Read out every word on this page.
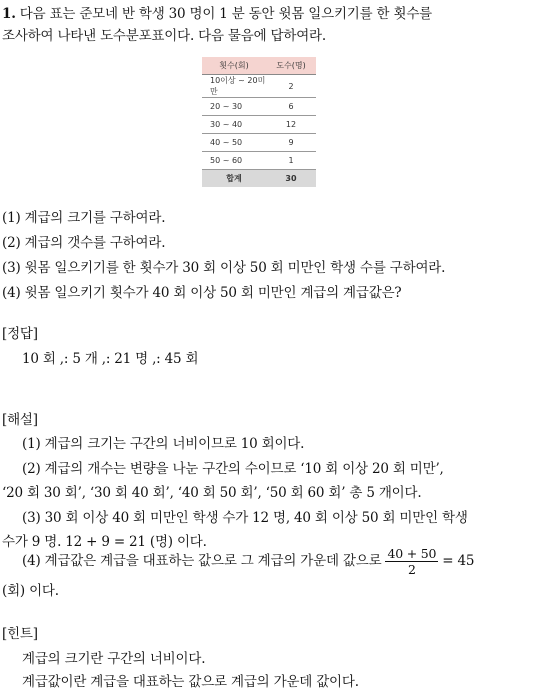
1. 다음 표는 준모네 반 학생 30 명이 1 분 동안 윗몸 일으키기를 한 횟수를
조사하여 나타낸 도수분포표이다. 다음 물음에 답하여라.
횟수(회)	도수(명)
10이상 ~ 20미만	2
20 ~ 30	6
30 ~ 40	12
40 ~ 50	9
50 ~ 60	1
합계	30
(1) 계급의 크기를 구하여라.
(2) 계급의 갯수를 구하여라.
(3) 윗몸 일으키기를 한 횟수가 30 회 이상 50 회 미만인 학생 수를 구하여라.
(4) 윗몸 일으키기 횟수가 40 회 이상 50 회 미만인 계급의 계급값은?
[정답]
10 회 ,: 5 개 ,: 21 명 ,: 45 회
[해설]
(1) 계급의 크기는 구간의 너비이므로 10 회이다.
(2) 계급의 개수는 변량을 나눈 구간의 수이므로 ‘10 회 이상 20 회 미만’,
‘20 회 30 회’, ‘30 회 40 회’, ‘40 회 50 회’, ‘50 회 60 회’ 총 5 개이다.
(3) 30 회 이상 40 회 미만인 학생 수가 12 명, 40 회 이상 50 회 미만인 학생
수가 9 명. 12 + 9 = 21 (명) 이다.
(4) 계급값은 계급을 대표하는 값으로 그 계급의 가운데 값으로 $\frac{40 + 50}{2} = 45$
(회) 이다.
[힌트]
계급의 크기란 구간의 너비이다.
계급값이란 계급을 대표하는 값으로 계급의 가운데 값이다.
